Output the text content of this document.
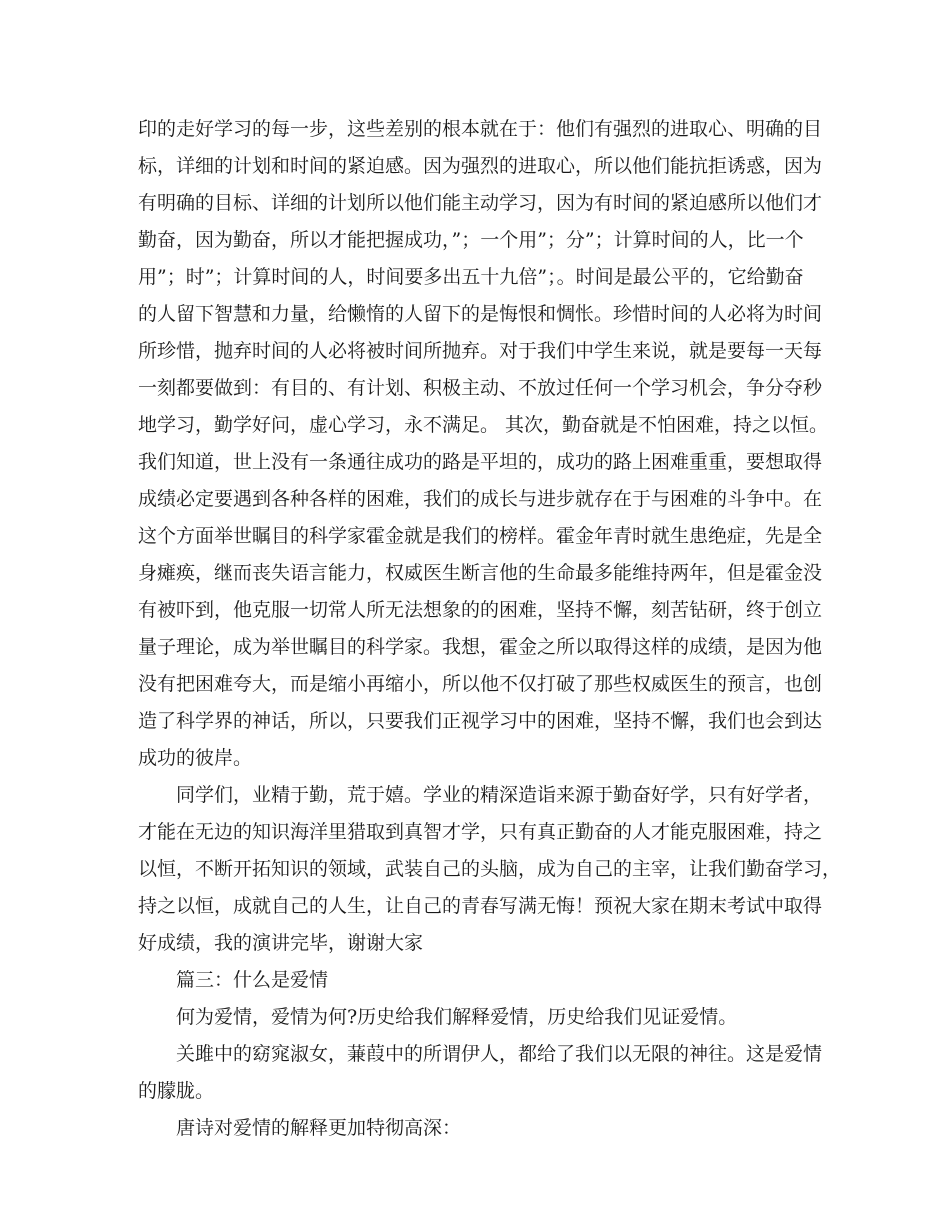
印的走好学习的每一步，这些差别的根本就在于：他们有强烈的进取心、明确的目
标，详细的计划和时间的紧迫感。因为强烈的进取心，所以他们能抗拒诱惑，因为
有明确的目标、详细的计划所以他们能主动学习，因为有时间的紧迫感所以他们才
勤奋，因为勤奋，所以才能把握成功，”；一个用”；分”；计算时间的人，比一个
用”；时”；计算时间的人，时间要多出五十九倍”；。时间是最公平的，它给勤奋
的人留下智慧和力量，给懒惰的人留下的是悔恨和惆怅。珍惜时间的人必将为时间
所珍惜，抛弃时间的人必将被时间所抛弃。对于我们中学生来说，就是要每一天每
一刻都要做到：有目的、有计划、积极主动、不放过任何一个学习机会，争分夺秒
地学习，勤学好问，虚心学习，永不满足。 其次，勤奋就是不怕困难，持之以恒。
我们知道，世上没有一条通往成功的路是平坦的，成功的路上困难重重，要想取得
成绩必定要遇到各种各样的困难，我们的成长与进步就存在于与困难的斗争中。在
这个方面举世瞩目的科学家霍金就是我们的榜样。霍金年青时就生患绝症，先是全
身瘫痪，继而丧失语言能力，权威医生断言他的生命最多能维持两年，但是霍金没
有被吓到，他克服一切常人所无法想象的的困难，坚持不懈，刻苦钻研，终于创立
量子理论，成为举世瞩目的科学家。我想，霍金之所以取得这样的成绩，是因为他
没有把困难夸大，而是缩小再缩小，所以他不仅打破了那些权威医生的预言，也创
造了科学界的神话，所以，只要我们正视学习中的困难，坚持不懈，我们也会到达
成功的彼岸。
同学们，业精于勤，荒于嬉。学业的精深造诣来源于勤奋好学，只有好学者，
才能在无边的知识海洋里猎取到真智才学，只有真正勤奋的人才能克服困难，持之
以恒，不断开拓知识的领域，武装自己的头脑，成为自己的主宰，让我们勤奋学习，
持之以恒，成就自己的人生，让自己的青春写满无悔！预祝大家在期末考试中取得
好成绩，我的演讲完毕，谢谢大家
篇三：什么是爱情
何为爱情，爱情为何?历史给我们解释爱情，历史给我们见证爱情。
关雎中的窈窕淑女，蒹葭中的所谓伊人，都给了我们以无限的神往。这是爱情
的朦胧。
唐诗对爱情的解释更加特彻高深：
